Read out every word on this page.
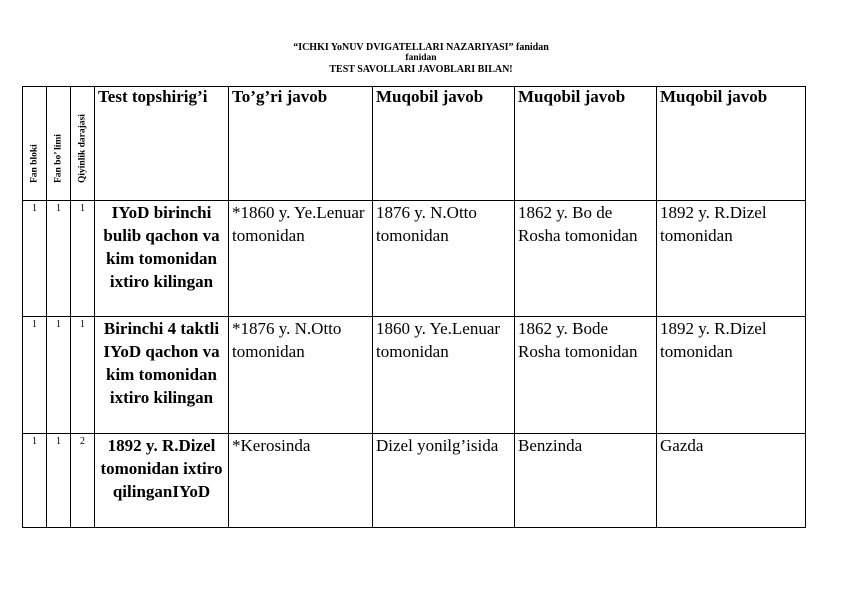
“ICHKI YoNUV DVIGATELLARI NAZARIYASI” fanidan
fanidan
TEST SAVOLLARI JAVOBLARI BILAN!
Fan bloki	Fan bo’ limi	Qiyinlik darajasi	Test topshirig’i	To’g’ri javob	Muqobil javob	Muqobil javob	Muqobil javob
1	1	1	IYoD birinchi bulib qachon va kim tomonidan ixtiro kilingan	*1860 y. Ye.Lenuar tomonidan	1876 y. N.Otto tomonidan	1862 y. Bo de Rosha tomonidan	1892 y. R.Dizel tomonidan
1	1	1	Birinchi 4 taktli IYoD qachon va kim tomonidan ixtiro kilingan	*1876 y. N.Otto tomonidan	1860 y. Ye.Lenuar tomonidan	1862 y. Bode Rosha tomonidan	1892 y. R.Dizel tomonidan
1	1	2	1892 y. R.Dizel tomonidan ixtiro qilinganIYoD	*Kerosinda	Dizel yonilg’isida	Benzinda	Gazda
